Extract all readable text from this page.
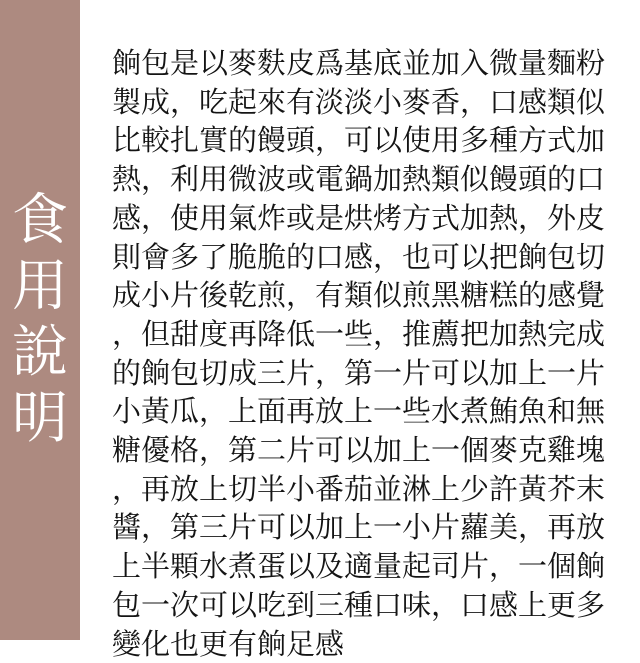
食
用
說
明
餉包是以麥麩皮爲基底並加入微量麵粉
製成，吃起來有淡淡小麥香，口感類似
比較扎實的饅頭，可以使用多種方式加
熱，利用微波或電鍋加熱類似饅頭的口
感，使用氣炸或是烘烤方式加熱，外皮
則會多了脆脆的口感，也可以把餉包切
成小片後乾煎，有類似煎黑糖糕的感覺
，但甜度再降低一些，推薦把加熱完成
的餉包切成三片，第一片可以加上一片
小黃瓜，上面再放上一些水煮鮪魚和無
糖優格，第二片可以加上一個麥克雞塊
，再放上切半小番茄並淋上少許黃芥末
醬，第三片可以加上一小片蘿美，再放
上半顆水煮蛋以及適量起司片，一個餉
包一次可以吃到三種口味，口感上更多
變化也更有餉足感
